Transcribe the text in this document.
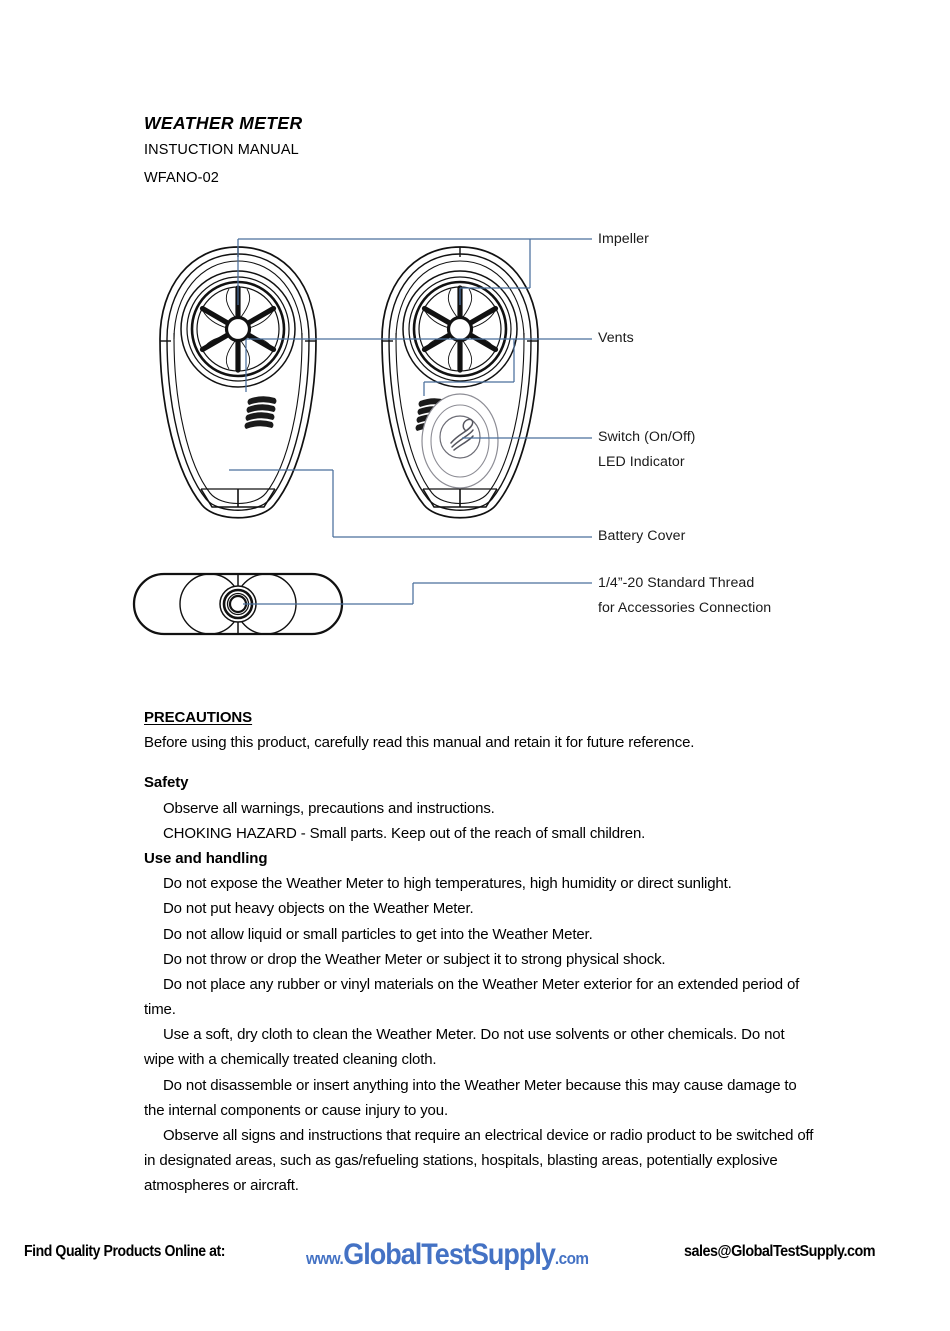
WEATHER METER

INSTUCTION MANUAL

WFANO-02

Impeller
Vents
Switch (On/Off)
LED Indicator
Battery Cover
1/4”-20 Standard Thread
for Accessories Connection

PRECAUTIONS

Before using this product, carefully read this manual and retain it for future reference.

Safety

Observe all warnings, precautions and instructions.

CHOKING HAZARD - Small parts. Keep out of the reach of small children.

Use and handling

Do not expose the Weather Meter to high temperatures, high humidity or direct sunlight.

Do not put heavy objects on the Weather Meter.

Do not allow liquid or small particles to get into the Weather Meter.

Do not throw or drop the Weather Meter or subject it to strong physical shock.

Do not place any rubber or vinyl materials on the Weather Meter exterior for an extended period of time.

Use a soft, dry cloth to clean the Weather Meter. Do not use solvents or other chemicals. Do not wipe with a chemically treated cleaning cloth.

Do not disassemble or insert anything into the Weather Meter because this may cause damage to the internal components or cause injury to you.

Observe all signs and instructions that require an electrical device or radio product to be switched off in designated areas, such as gas/refueling stations, hospitals, blasting areas, potentially explosive atmospheres or aircraft.

Find Quality Products Online at:	www.GlobalTestSupply.com	sales@GlobalTestSupply.com
